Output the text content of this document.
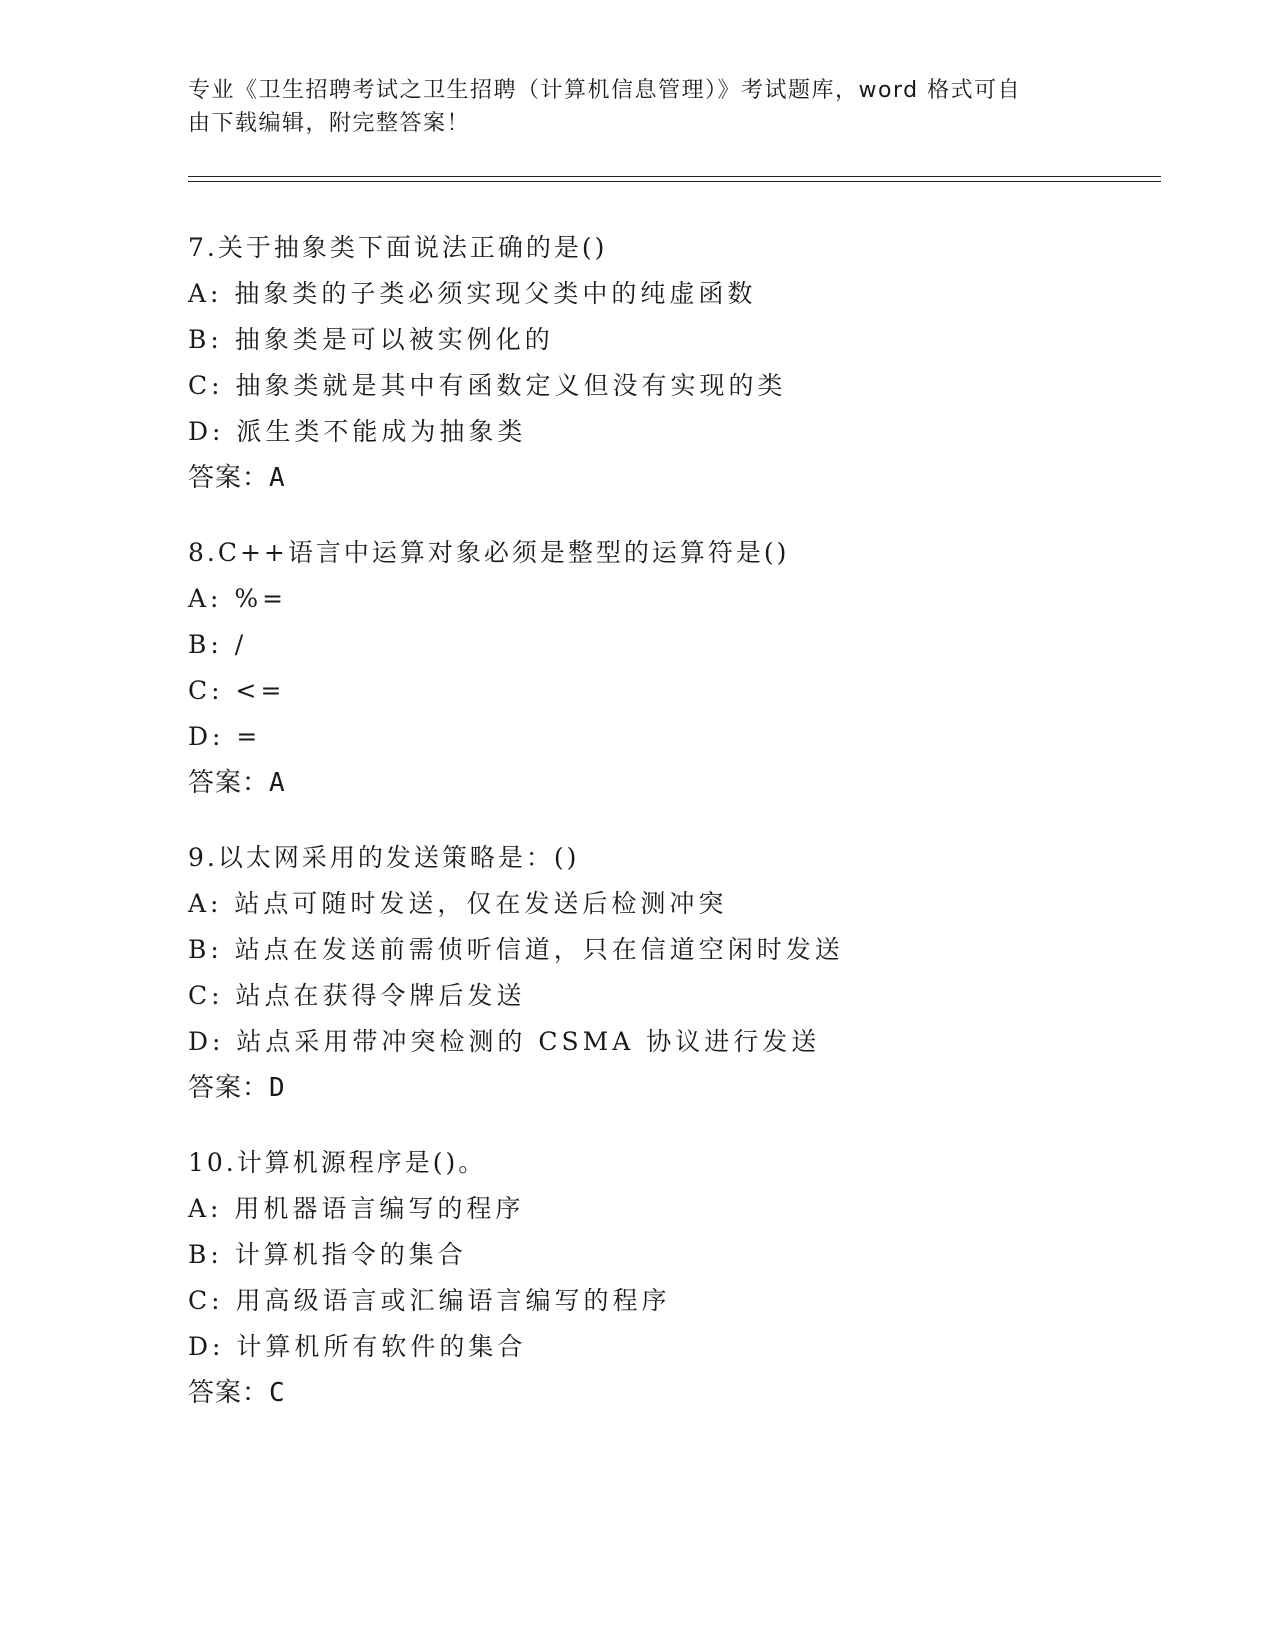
专业《卫生招聘考试之卫生招聘（计算机信息管理）》考试题库，word 格式可自
由下载编辑，附完整答案！
7.关于抽象类下面说法正确的是()
A: 抽象类的子类必须实现父类中的纯虚函数
B: 抽象类是可以被实例化的
C: 抽象类就是其中有函数定义但没有实现的类
D: 派生类不能成为抽象类
答案：A
8.C++语言中运算对象必须是整型的运算符是()
A: %=
B: /
C: <=
D: =
答案：A
9.以太网采用的发送策略是：()
A: 站点可随时发送，仅在发送后检测冲突
B: 站点在发送前需侦听信道，只在信道空闲时发送
C: 站点在获得令牌后发送
D: 站点采用带冲突检测的 CSMA 协议进行发送
答案：D
10.计算机源程序是()。
A: 用机器语言编写的程序
B: 计算机指令的集合
C: 用高级语言或汇编语言编写的程序
D: 计算机所有软件的集合
答案：C
